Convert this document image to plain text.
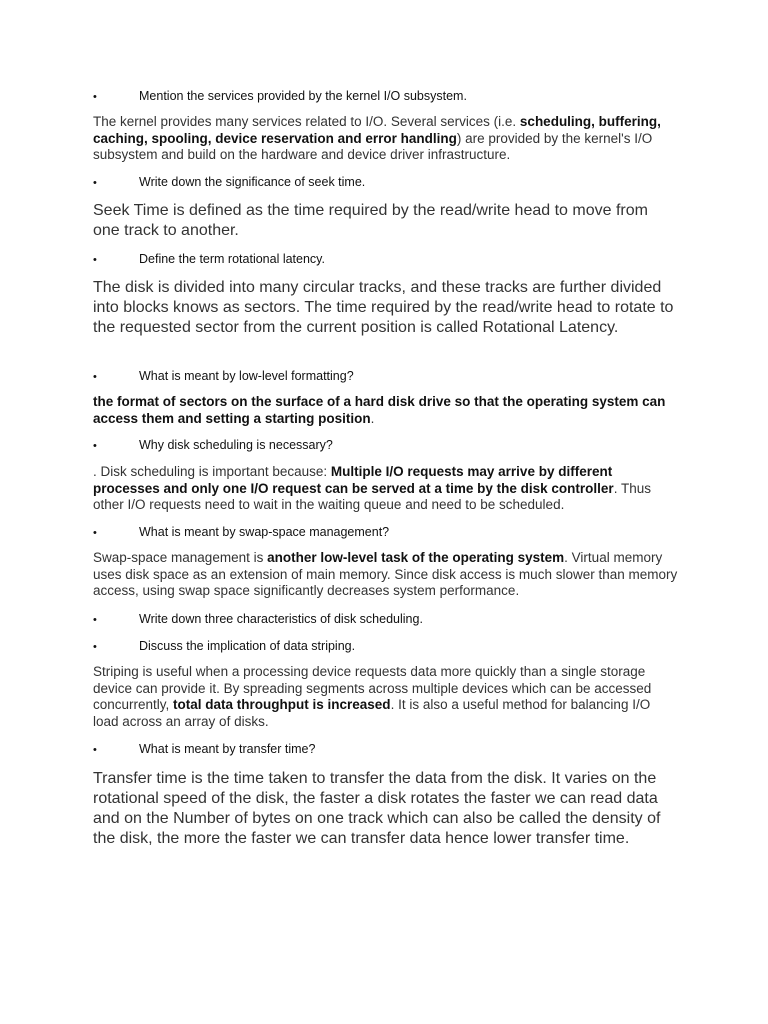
•	Mention the services provided by the kernel I/O subsystem.
The kernel provides many services related to I/O. Several services (i.e. scheduling, buffering, caching, spooling, device reservation and error handling) are provided by the kernel's I/O subsystem and build on the hardware and device driver infrastructure.
•	Write down the significance of seek time.
Seek Time is defined as the time required by the read/write head to move from one track to another.
•	Define the term rotational latency.
The disk is divided into many circular tracks, and these tracks are further divided into blocks knows as sectors. The time required by the read/write head to rotate to the requested sector from the current position is called Rotational Latency.
•	What is meant by low-level formatting?
the format of sectors on the surface of a hard disk drive so that the operating system can access them and setting a starting position.
•	Why disk scheduling is necessary?
. Disk scheduling is important because: Multiple I/O requests may arrive by different processes and only one I/O request can be served at a time by the disk controller. Thus other I/O requests need to wait in the waiting queue and need to be scheduled.
•	What is meant by swap-space management?
Swap-space management is another low-level task of the operating system. Virtual memory uses disk space as an extension of main memory. Since disk access is much slower than memory access, using swap space significantly decreases system performance.
•	Write down three characteristics of disk scheduling.
•	Discuss the implication of data striping.
Striping is useful when a processing device requests data more quickly than a single storage device can provide it. By spreading segments across multiple devices which can be accessed concurrently, total data throughput is increased. It is also a useful method for balancing I/O load across an array of disks.
•	What is meant by transfer time?
Transfer time is the time taken to transfer the data from the disk. It varies on the rotational speed of the disk, the faster a disk rotates the faster we can read data and on the Number of bytes on one track which can also be called the density of the disk, the more the faster we can transfer data hence lower transfer time.
